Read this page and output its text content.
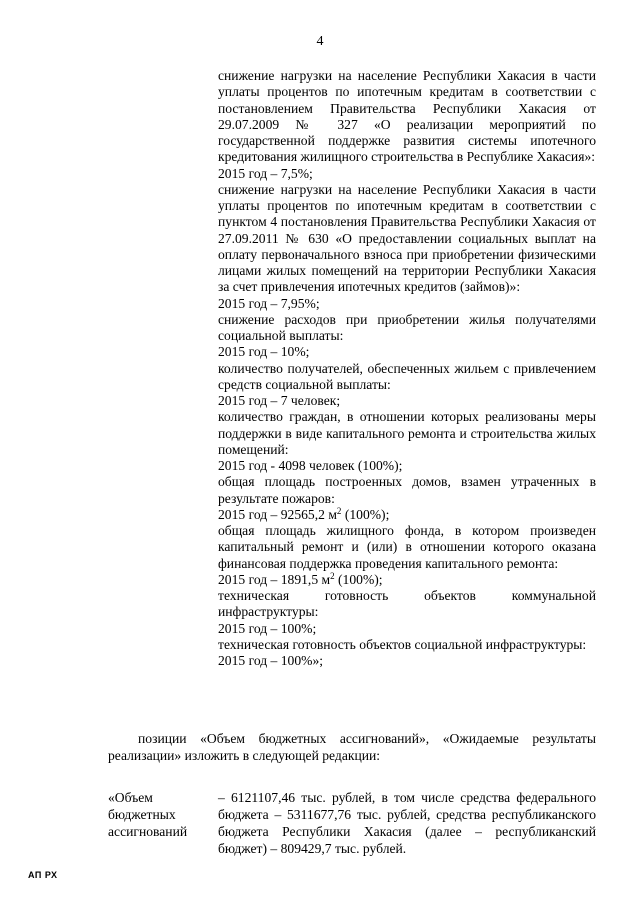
4

снижение нагрузки на население Республики Хакасия в части уплаты процентов по ипотечным кредитам в соответствии с постановлением Правительства Республики Хакасия от 29.07.2009 № 327 «О реализации мероприятий по государственной поддержке развития системы ипотечного кредитования жилищного строительства в Республике Хакасия»:

2015 год – 7,5%;

снижение нагрузки на население Республики Хакасия в части уплаты процентов по ипотечным кредитам в соответствии с пунктом 4 постановления Правительства Республики Хакасия от 27.09.2011 № 630 «О предоставлении социальных выплат на оплату первоначального взноса при приобретении физическими лицами жилых помещений на территории Республики Хакасия за счет привлечения ипотечных кредитов (займов)»:

2015 год – 7,95%;

снижение расходов при приобретении жилья получателями социальной выплаты:

2015 год – 10%;

количество получателей, обеспеченных жильем с привлечением средств социальной выплаты:

2015 год – 7 человек;

количество граждан, в отношении которых реализованы меры поддержки в виде капитального ремонта и строительства жилых помещений:

2015 год - 4098 человек (100%);

общая площадь построенных домов, взамен утраченных в результате пожаров:

2015 год – 92565,2 $м^2$ (100%);

общая площадь жилищного фонда, в котором произведен капитальный ремонт и (или) в отношении которого оказана финансовая поддержка проведения капитального ремонта:

2015 год – 1891,5 $м^2$ (100%);

техническая готовность объектов коммунальной инфраструктуры:

2015 год – 100%;

техническая готовность объектов социальной инфраструктуры:

2015 год – 100%»;

позиции «Объем бюджетных ассигнований», «Ожидаемые результаты реализации» изложить в следующей редакции:

«Объем
бюджетных
ассигнований

– 6121107,46 тыс. рублей, в том числе средства федерального бюджета – 5311677,76 тыс. рублей, средства республиканского бюджета Республики Хакасия (далее – республиканский бюджет) – 809429,7 тыс. рублей.

АП РХ
